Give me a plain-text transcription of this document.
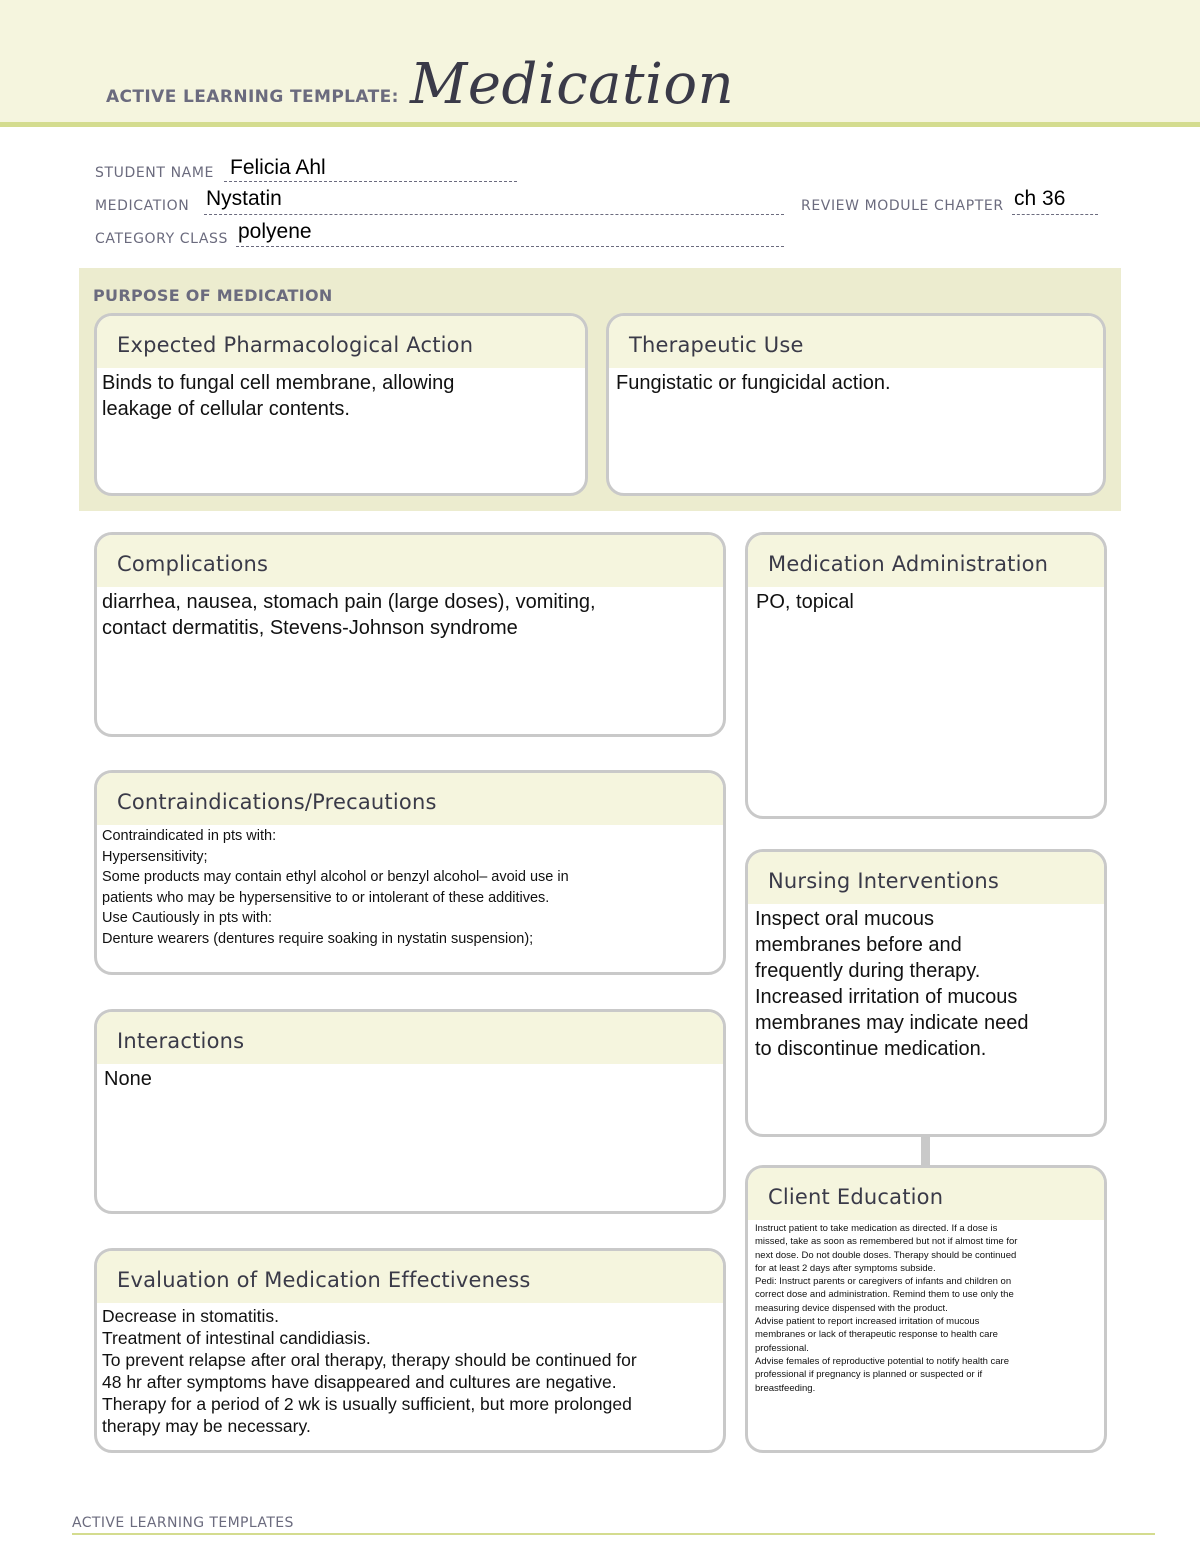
ACTIVE LEARNING TEMPLATE: Medication
STUDENT NAME Felicia Ahl
MEDICATION Nystatin	REVIEW MODULE CHAPTER ch 36
CATEGORY CLASS polyene
PURPOSE OF MEDICATION
Expected Pharmacological Action
Binds to fungal cell membrane, allowing
leakage of cellular contents.
Therapeutic Use
Fungistatic or fungicidal action.
Complications
diarrhea, nausea, stomach pain (large doses), vomiting,
contact dermatitis, Stevens-Johnson syndrome
Medication Administration
PO, topical
Contraindications/Precautions
Contraindicated in pts with:
Hypersensitivity;
Some products may contain ethyl alcohol or benzyl alcohol– avoid use in
patients who may be hypersensitive to or intolerant of these additives.
Use Cautiously in pts with:
Denture wearers (dentures require soaking in nystatin suspension);
Nursing Interventions
Inspect oral mucous
membranes before and
frequently during therapy.
Increased irritation of mucous
membranes may indicate need
to discontinue medication.
Interactions
None
Client Education
Instruct patient to take medication as directed. If a dose is
missed, take as soon as remembered but not if almost time for
next dose. Do not double doses. Therapy should be continued
for at least 2 days after symptoms subside.
Pedi: Instruct parents or caregivers of infants and children on
correct dose and administration. Remind them to use only the
measuring device dispensed with the product.
Advise patient to report increased irritation of mucous
membranes or lack of therapeutic response to health care
professional.
Advise females of reproductive potential to notify health care
professional if pregnancy is planned or suspected or if
breastfeeding.
Evaluation of Medication Effectiveness
Decrease in stomatitis.
Treatment of intestinal candidiasis.
To prevent relapse after oral therapy, therapy should be continued for
48 hr after symptoms have disappeared and cultures are negative.
Therapy for a period of 2 wk is usually sufficient, but more prolonged
therapy may be necessary.
ACTIVE LEARNING TEMPLATES
